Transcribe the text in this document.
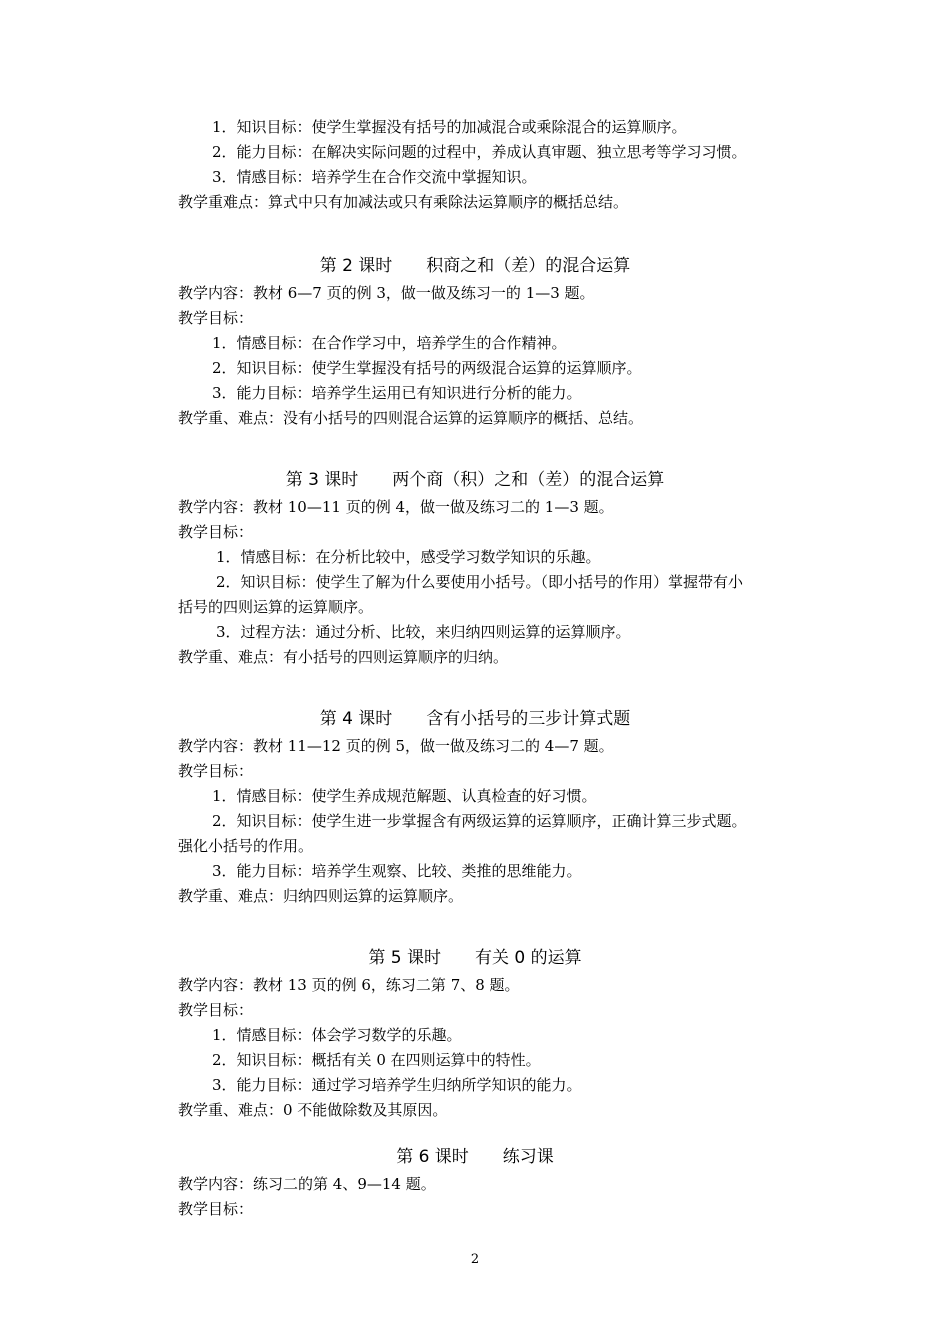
1．知识目标：使学生掌握没有括号的加减混合或乘除混合的运算顺序。
2．能力目标：在解决实际问题的过程中，养成认真审题、独立思考等学习习惯。
3．情感目标：培养学生在合作交流中掌握知识。
教学重难点：算式中只有加减法或只有乘除法运算顺序的概括总结。
第 2 课时　　积商之和（差）的混合运算
教学内容：教材 6—7 页的例 3，做一做及练习一的 1—3 题。
教学目标：
1．情感目标：在合作学习中，培养学生的合作精神。
2．知识目标：使学生掌握没有括号的两级混合运算的运算顺序。
3．能力目标：培养学生运用已有知识进行分析的能力。
教学重、难点：没有小括号的四则混合运算的运算顺序的概括、总结。
第 3 课时　　两个商（积）之和（差）的混合运算
教学内容：教材 10—11 页的例 4，做一做及练习二的 1—3 题。
教学目标：
1．情感目标：在分析比较中，感受学习数学知识的乐趣。
2．知识目标：使学生了解为什么要使用小括号。（即小括号的作用）掌握带有小
括号的四则运算的运算顺序。
3．过程方法：通过分析、比较，来归纳四则运算的运算顺序。
教学重、难点：有小括号的四则运算顺序的归纳。
第 4 课时　　含有小括号的三步计算式题
教学内容：教材 11—12 页的例 5，做一做及练习二的 4—7 题。
教学目标：
1．情感目标：使学生养成规范解题、认真检查的好习惯。
2．知识目标：使学生进一步掌握含有两级运算的运算顺序，正确计算三步式题。
强化小括号的作用。
3．能力目标：培养学生观察、比较、类推的思维能力。
教学重、难点：归纳四则运算的运算顺序。
第 5 课时　　有关 0 的运算
教学内容：教材 13 页的例 6，练习二第 7、8 题。
教学目标：
1．情感目标：体会学习数学的乐趣。
2．知识目标：概括有关 0 在四则运算中的特性。
3．能力目标：通过学习培养学生归纳所学知识的能力。
教学重、难点：0 不能做除数及其原因。
第 6 课时　　练习课
教学内容：练习二的第 4、9—14 题。
教学目标：
2
